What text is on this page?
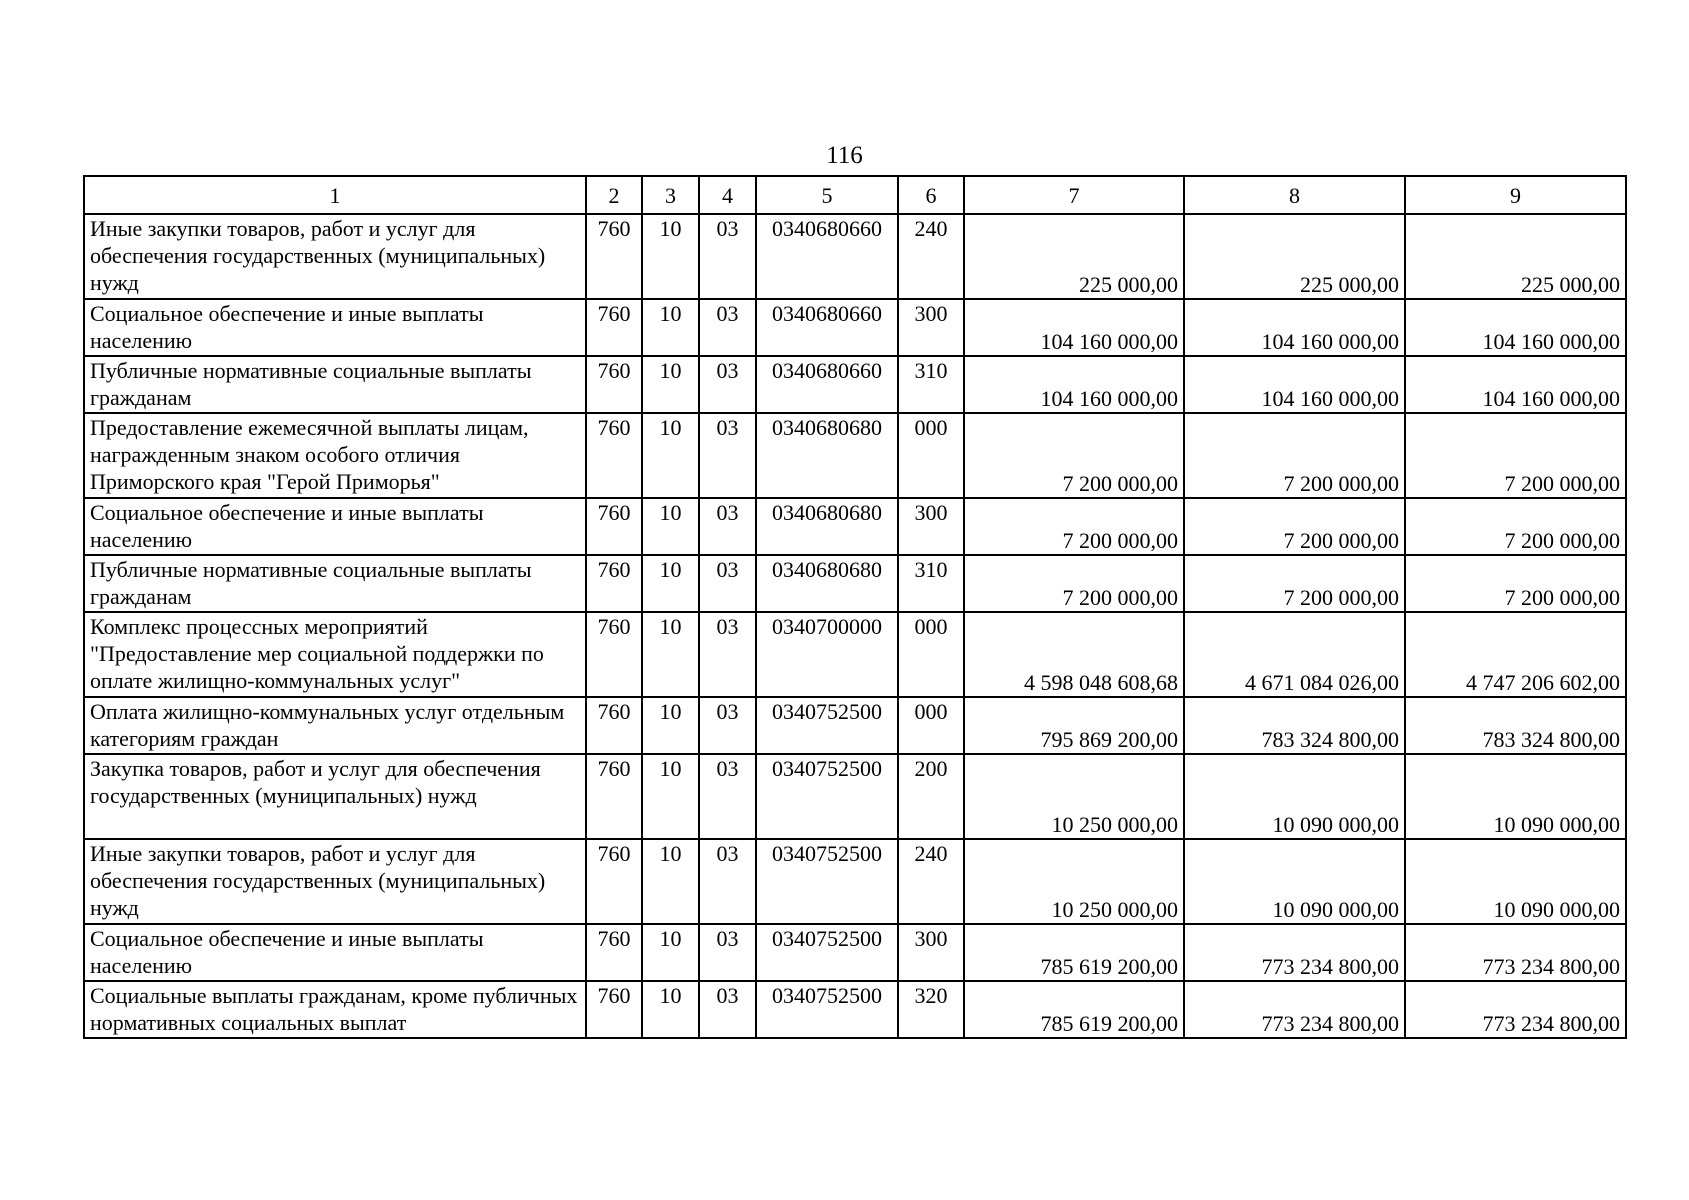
116
1	2	3	4	5	6	7	8	9
Иные закупки товаров, работ и услуг для обеспечения государственных (муниципальных) нужд	760	10	03	0340680660	240	225 000,00	225 000,00	225 000,00
Социальное обеспечение и иные выплаты населению	760	10	03	0340680660	300	104 160 000,00	104 160 000,00	104 160 000,00
Публичные нормативные социальные выплаты гражданам	760	10	03	0340680660	310	104 160 000,00	104 160 000,00	104 160 000,00
Предоставление ежемесячной выплаты лицам, награжденным знаком особого отличия Приморского края "Герой Приморья"	760	10	03	0340680680	000	7 200 000,00	7 200 000,00	7 200 000,00
Социальное обеспечение и иные выплаты населению	760	10	03	0340680680	300	7 200 000,00	7 200 000,00	7 200 000,00
Публичные нормативные социальные выплаты гражданам	760	10	03	0340680680	310	7 200 000,00	7 200 000,00	7 200 000,00
Комплекс процессных мероприятий "Предоставление мер социальной поддержки по оплате жилищно-коммунальных услуг"	760	10	03	0340700000	000	4 598 048 608,68	4 671 084 026,00	4 747 206 602,00
Оплата жилищно-коммунальных услуг отдельным категориям граждан	760	10	03	0340752500	000	795 869 200,00	783 324 800,00	783 324 800,00
Закупка товаров, работ и услуг для обеспечения государственных (муниципальных) нужд	760	10	03	0340752500	200	10 250 000,00	10 090 000,00	10 090 000,00
Иные закупки товаров, работ и услуг для обеспечения государственных (муниципальных) нужд	760	10	03	0340752500	240	10 250 000,00	10 090 000,00	10 090 000,00
Социальное обеспечение и иные выплаты населению	760	10	03	0340752500	300	785 619 200,00	773 234 800,00	773 234 800,00
Социальные выплаты гражданам, кроме публичных нормативных социальных выплат	760	10	03	0340752500	320	785 619 200,00	773 234 800,00	773 234 800,00
